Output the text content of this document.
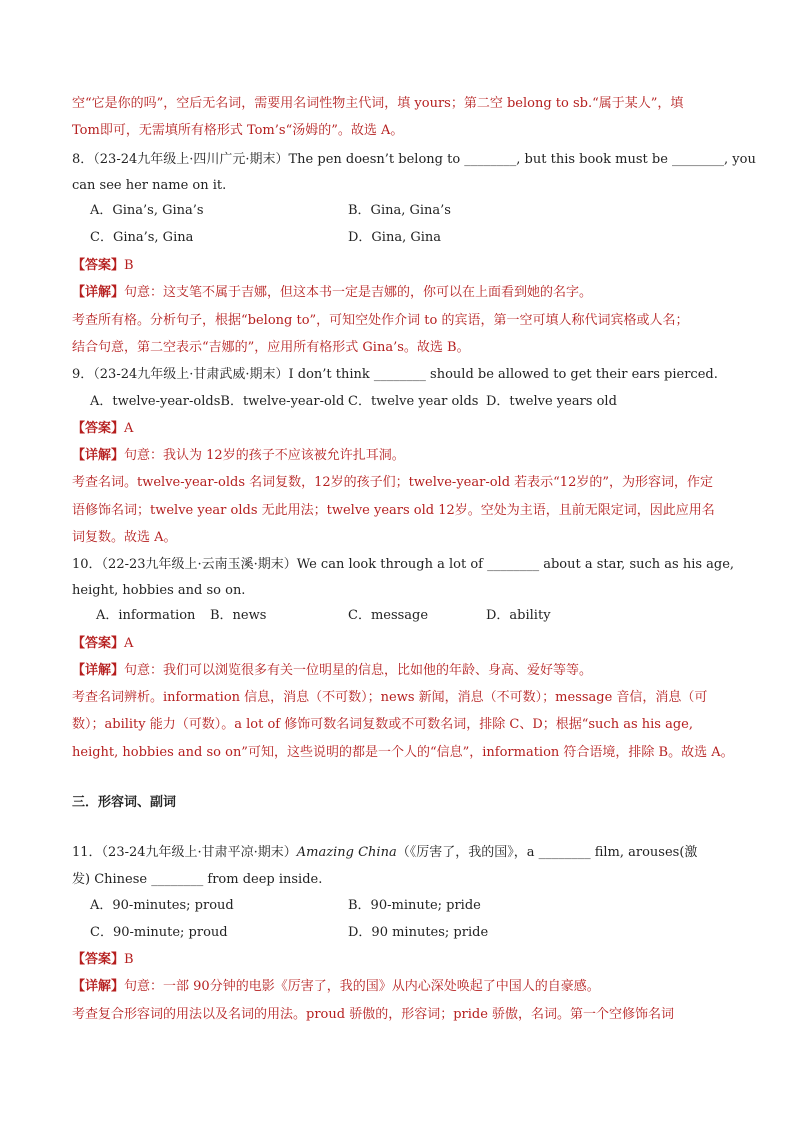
空“它是你的吗”，空后无名词，需要用名词性物主代词，填 yours；第二空 belong to sb.“属于某人”，填
Tom即可，无需填所有格形式 Tom’s“汤姆的”。故选 A。
8．（23-24九年级上·四川广元·期末）The pen doesn’t belong to ________, but this book must be ________, you
can see her name on it.
A．Gina’s, Gina’s	B．Gina, Gina’s
C．Gina’s, Gina	D．Gina, Gina
【答案】B
【详解】句意：这支笔不属于吉娜，但这本书一定是吉娜的，你可以在上面看到她的名字。
考查所有格。分析句子，根据“belong to”，可知空处作介词 to 的宾语，第一空可填人称代词宾格或人名；
结合句意，第二空表示“吉娜的”，应用所有格形式 Gina’s。故选 B。
9．（23-24九年级上·甘肃武威·期末）I don’t think ________ should be allowed to get their ears pierced.
A．twelve-year-oldsB．twelve-year-old C．twelve year olds D．twelve years old
【答案】A
【详解】句意：我认为 12岁的孩子不应该被允许扎耳洞。
考查名词。twelve-year-olds 名词复数，12岁的孩子们；twelve-year-old 若表示“12岁的”，为形容词，作定
语修饰名词；twelve year olds 无此用法；twelve years old 12岁。空处为主语，且前无限定词，因此应用名
词复数。故选 A。
10．（22-23九年级上·云南玉溪·期末）We can look through a lot of ________ about a star, such as his age,
height, hobbies and so on.
A．information B．news	C．message	D．ability
【答案】A
【详解】句意：我们可以浏览很多有关一位明星的信息，比如他的年龄、身高、爱好等等。
考查名词辨析。information 信息，消息（不可数）；news 新闻，消息（不可数）；message 音信，消息（可
数）；ability 能力（可数）。a lot of 修饰可数名词复数或不可数名词，排除 C、D；根据“such as his age,
height, hobbies and so on”可知，这些说明的都是一个人的“信息”，information 符合语境，排除 B。故选 A。
三．形容词、副词
11．（23-24九年级上·甘肃平凉·期末）Amazing China（《厉害了，我的国》，a ________ film, arouses(激
发) Chinese ________ from deep inside.
A．90-minutes; proud	B．90-minute; pride
C．90-minute; proud	D．90 minutes; pride
【答案】B
【详解】句意：一部 90分钟的电影《厉害了，我的国》从内心深处唤起了中国人的自豪感。
考查复合形容词的用法以及名词的用法。proud 骄傲的，形容词；pride 骄傲，名词。第一个空修饰名词
